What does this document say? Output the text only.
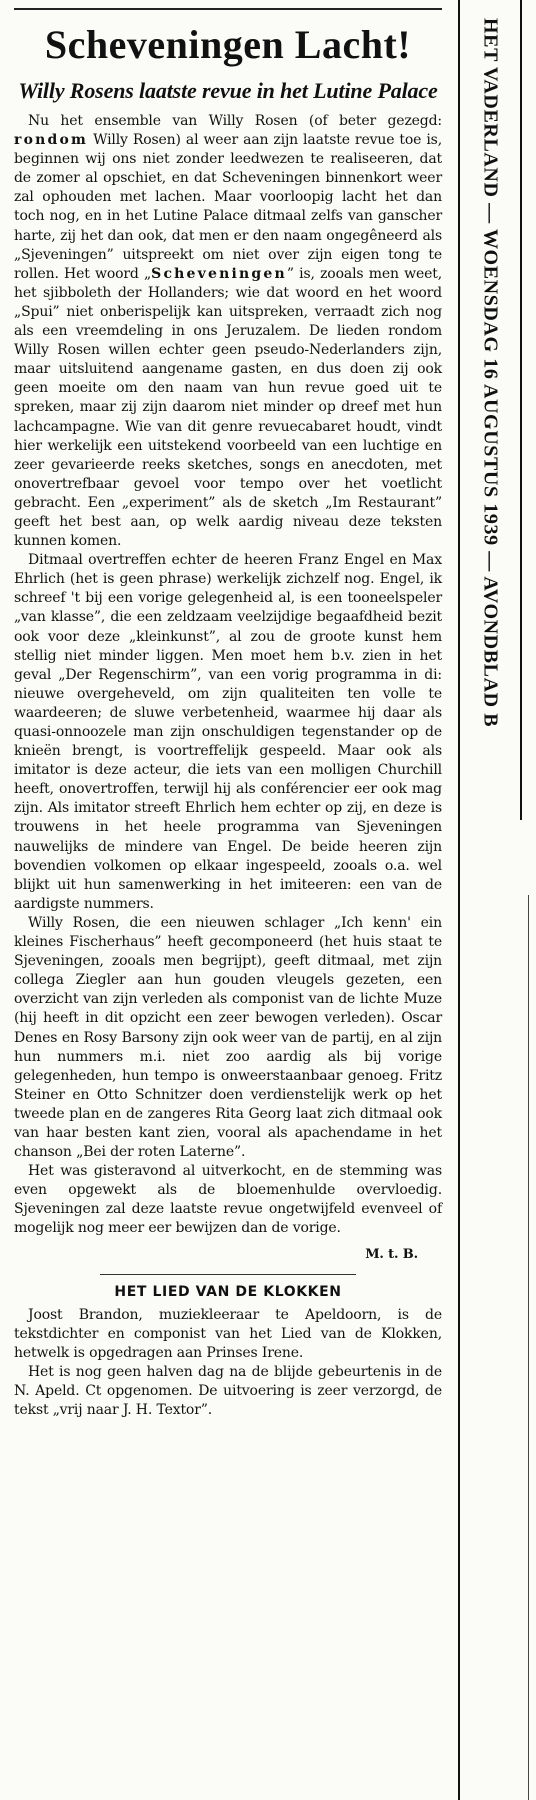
HET VADERLAND — WOENSDAG 16 AUGUSTUS 1939 — AVONDBLAD B
Scheveningen Lacht!
Willy Rosens laatste revue in het Lutine Palace

Nu het ensemble van Willy Rosen (of beter gezegd: rondom Willy Rosen) al weer aan zijn laatste revue toe is, beginnen wij ons niet zonder leedwezen te realiseeren, dat de zomer al opschiet, en dat Scheveningen binnenkort weer zal ophouden met lachen. Maar voorloopig lacht het dan toch nog, en in het Lutine Palace ditmaal zelfs van ganscher harte, zij het dan ook, dat men er den naam ongegêneerd als „Sjeveningen” uitspreekt om niet over zijn eigen tong te rollen. Het woord „Scheveningen” is, zooals men weet, het sjibboleth der Hollanders; wie dat woord en het woord „Spui” niet onberispelijk kan uitspreken, verraadt zich nog als een vreemdeling in ons Jeruzalem. De lieden rondom Willy Rosen willen echter geen pseudo-Nederlanders zijn, maar uitsluitend aangename gasten, en dus doen zij ook geen moeite om den naam van hun revue goed uit te spreken, maar zij zijn daarom niet minder op dreef met hun lachcampagne. Wie van dit genre revuecabaret houdt, vindt hier werkelijk een uitstekend voorbeeld van een luchtige en zeer gevarieerde reeks sketches, songs en anecdoten, met onovertrefbaar gevoel voor tempo over het voetlicht gebracht. Een „experiment” als de sketch „Im Restaurant” geeft het best aan, op welk aardig niveau deze teksten kunnen komen.

Ditmaal overtreffen echter de heeren Franz Engel en Max Ehrlich (het is geen phrase) werkelijk zichzelf nog. Engel, ik schreef 't bij een vorige gelegenheid al, is een tooneelspeler „van klasse”, die een zeldzaam veelzijdige begaafdheid bezit ook voor deze „kleinkunst”, al zou de groote kunst hem stellig niet minder liggen. Men moet hem b.v. zien in het geval „Der Regenschirm”, van een vorig programma in di: nieuwe overgeheveld, om zijn qualiteiten ten volle te waardeeren; de sluwe verbetenheid, waarmee hij daar als quasi-onnoozele man zijn onschuldigen tegenstander op de knieën brengt, is voortreffelijk gespeeld. Maar ook als imitator is deze acteur, die iets van een molligen Churchill heeft, onovertroffen, terwijl hij als conférencier eer ook mag zijn. Als imitator streeft Ehrlich hem echter op zij, en deze is trouwens in het heele programma van Sjeveningen nauwelijks de mindere van Engel. De beide heeren zijn bovendien volkomen op elkaar ingespeeld, zooals o.a. wel blijkt uit hun samenwerking in het imiteeren: een van de aardigste nummers.

Willy Rosen, die een nieuwen schlager „Ich kenn' ein kleines Fischerhaus” heeft gecomponeerd (het huis staat te Sjeveningen, zooals men begrijpt), geeft ditmaal, met zijn collega Ziegler aan hun gouden vleugels gezeten, een overzicht van zijn verleden als componist van de lichte Muze (hij heeft in dit opzicht een zeer bewogen verleden). Oscar Denes en Rosy Barsony zijn ook weer van de partij, en al zijn hun nummers m.i. niet zoo aardig als bij vorige gelegenheden, hun tempo is onweerstaanbaar genoeg. Fritz Steiner en Otto Schnitzer doen verdienstelijk werk op het tweede plan en de zangeres Rita Georg laat zich ditmaal ook van haar besten kant zien, vooral als apachendame in het chanson „Bei der roten Laterne”.

Het was gisteravond al uitverkocht, en de stemming was even opgewekt als de bloemenhulde overvloedig. Sjeveningen zal deze laatste revue ongetwijfeld evenveel of mogelijk nog meer eer bewijzen dan de vorige.

M. t. B.
HET LIED VAN DE KLOKKEN

Joost Brandon, muziekleeraar te Apeldoorn, is de tekstdichter en componist van het Lied van de Klokken, hetwelk is opgedragen aan Prinses Irene.

Het is nog geen halven dag na de blijde gebeurtenis in de N. Apeld. Ct opgenomen. De uitvoering is zeer verzorgd, de tekst „vrij naar J. H. Textor”.
